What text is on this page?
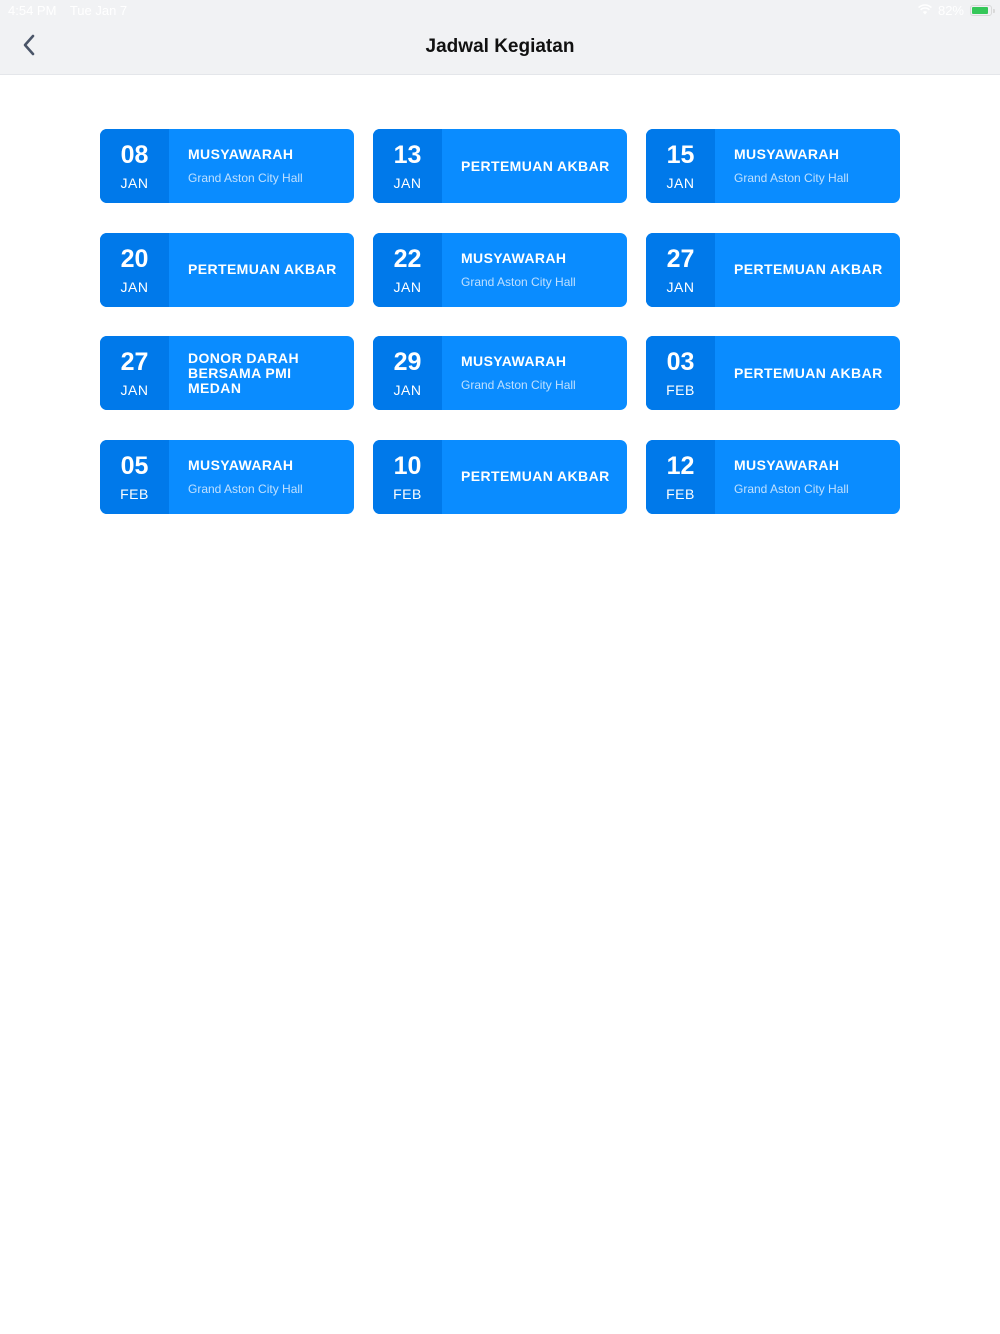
4:54 PM Tue Jan 7	82%
Jadwal Kegiatan
08
JAN
MUSYAWARAH
Grand Aston City Hall
13
JAN
PERTEMUAN AKBAR 15
JAN
MUSYAWARAH
Grand Aston City Hall
20
JAN
PERTEMUAN AKBAR 22
JAN
MUSYAWARAH
Grand Aston City Hall
27
JAN
PERTEMUAN AKBAR
27
JAN
DONOR DARAH BERSAMA PMI MEDAN
29
JAN
MUSYAWARAH
Grand Aston City Hall
03
FEB
PERTEMUAN AKBAR
05
FEB
MUSYAWARAH
Grand Aston City Hall
10
FEB
PERTEMUAN AKBAR 12
FEB
MUSYAWARAH
Grand Aston City Hall
